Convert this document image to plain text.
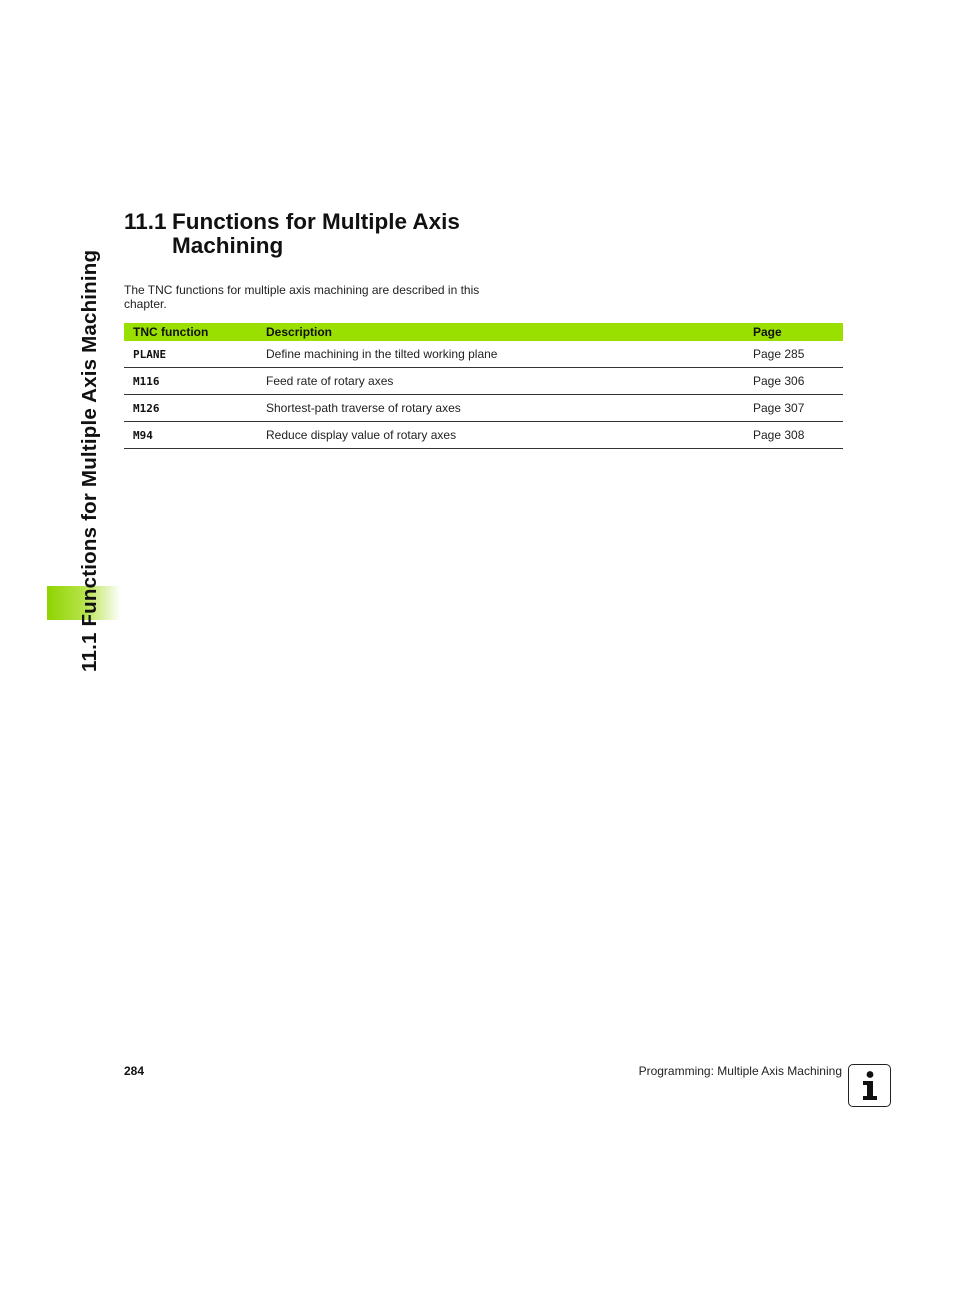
11.1 Functions for Multiple Axis Machining
11.1 Functions for Multiple Axis
Machining
The TNC functions for multiple axis machining are described in this chapter.
TNC function	Description	Page
PLANE	Define machining in the tilted working plane	Page 285
M116	Feed rate of rotary axes	Page 306
M126	Shortest-path traverse of rotary axes	Page 307
M94	Reduce display value of rotary axes	Page 308
284	Programming: Multiple Axis Machining
